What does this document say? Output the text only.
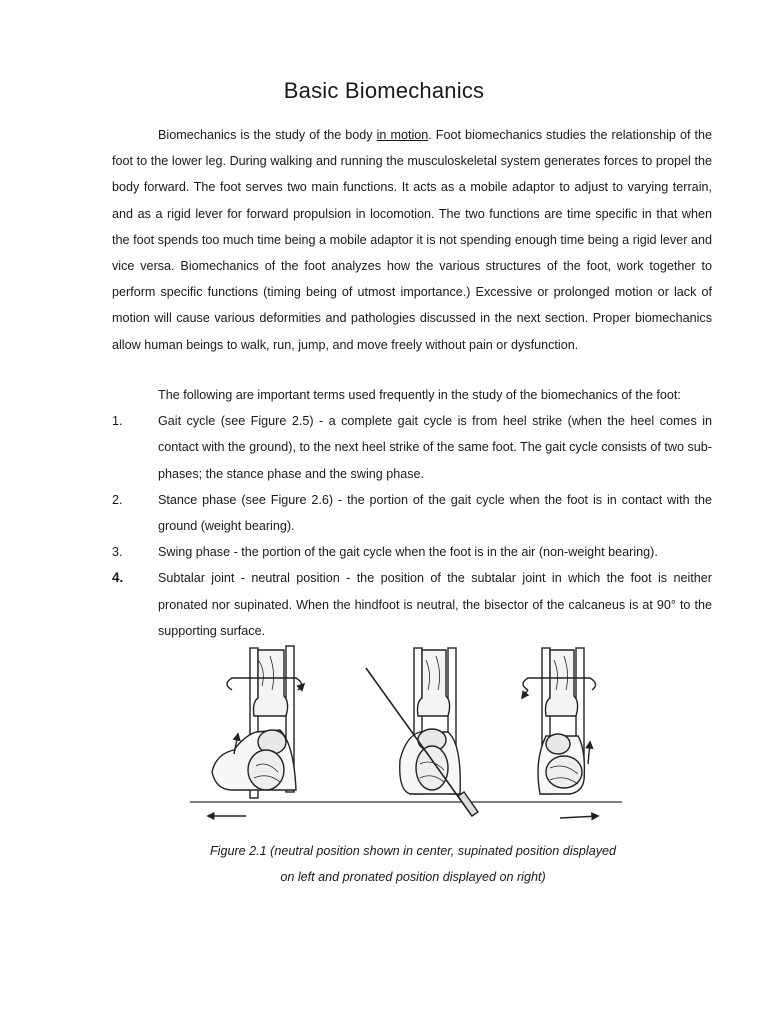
Basic Biomechanics

Biomechanics is the study of the body in motion. Foot biomechanics studies the relationship of the foot to the lower leg. During walking and running the musculoskeletal system generates forces to propel the body forward. The foot serves two main functions. It acts as a mobile adaptor to adjust to varying terrain, and as a rigid lever for forward propulsion in locomotion. The two functions are time specific in that when the foot spends too much time being a mobile adaptor it is not spending enough time being a rigid lever and vice versa. Biomechanics of the foot analyzes how the various structures of the foot, work together to perform specific functions (timing being of utmost importance.) Excessive or prolonged motion or lack of motion will cause various deformities and pathologies discussed in the next section. Proper biomechanics allow human beings to walk, run, jump, and move freely without pain or dysfunction.

The following are important terms used frequently in the study of the biomechanics of the foot:

1.	Gait cycle (see Figure 2.5) - a complete gait cycle is from heel strike (when the heel comes in contact with the ground), to the next heel strike of the same foot. The gait cycle consists of two sub-phases; the stance phase and the swing phase.
2.	Stance phase (see Figure 2.6) - the portion of the gait cycle when the foot is in contact with the ground (weight bearing).
3.	Swing phase - the portion of the gait cycle when the foot is in the air (non-weight bearing).
4.	Subtalar joint - neutral position - the position of the subtalar joint in which the foot is neither pronated nor supinated. When the hindfoot is neutral, the bisector of the calcaneus is at 90° to the supporting surface.
Figure 2.1 (neutral position shown in center, supinated position displayed
on left and pronated position displayed on right)
